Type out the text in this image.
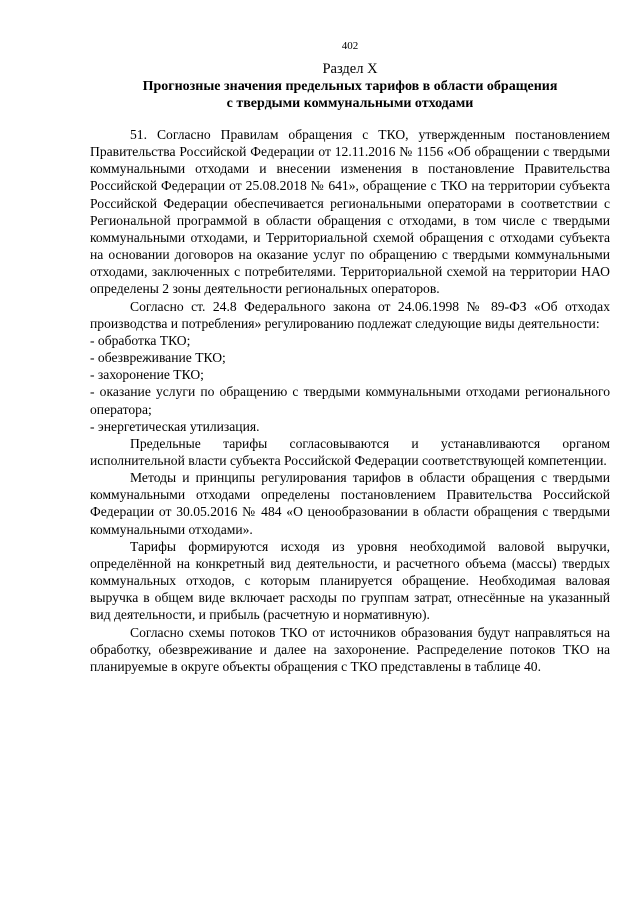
402
Раздел X
Прогнозные значения предельных тарифов в области обращения
с твердыми коммунальными отходами

51. Согласно Правилам обращения с ТКО, утвержденным постановлением Правительства Российской Федерации от 12.11.2016 № 1156 «Об обращении с твердыми коммунальными отходами и внесении изменения в постановление Правительства Российской Федерации от 25.08.2018 № 641», обращение с ТКО на территории субъекта Российской Федерации обеспечивается региональными операторами в соответствии с Региональной программой в области обращения с отходами, в том числе с твердыми коммунальными отходами, и Территориальной схемой обращения с отходами субъекта на основании договоров на оказание услуг по обращению с твердыми коммунальными отходами, заключенных с потребителями. Территориальной схемой на территории НАО определены 2 зоны деятельности региональных операторов.

Согласно ст. 24.8 Федерального закона от 24.06.1998 № 89-ФЗ «Об отходах производства и потребления» регулированию подлежат следующие виды деятельности:

- обработка ТКО;

- обезвреживание ТКО;

- захоронение ТКО;

- оказание услуги по обращению с твердыми коммунальными отходами регионального оператора;

- энергетическая утилизация.

Предельные тарифы согласовываются и устанавливаются органом исполнительной власти субъекта Российской Федерации соответствующей компетенции.

Методы и принципы регулирования тарифов в области обращения с твердыми коммунальными отходами определены постановлением Правительства Российской Федерации от 30.05.2016 № 484 «О ценообразовании в области обращения с твердыми коммунальными отходами».

Тарифы формируются исходя из уровня необходимой валовой выручки, определённой на конкретный вид деятельности, и расчетного объема (массы) твердых коммунальных отходов, с которым планируется обращение. Необходимая валовая выручка в общем виде включает расходы по группам затрат, отнесённые на указанный вид деятельности, и прибыль (расчетную и нормативную).

Согласно схемы потоков ТКО от источников образования будут направляться на обработку, обезвреживание и далее на захоронение. Распределение потоков ТКО на планируемые в округе объекты обращения с ТКО представлены в таблице 40.
